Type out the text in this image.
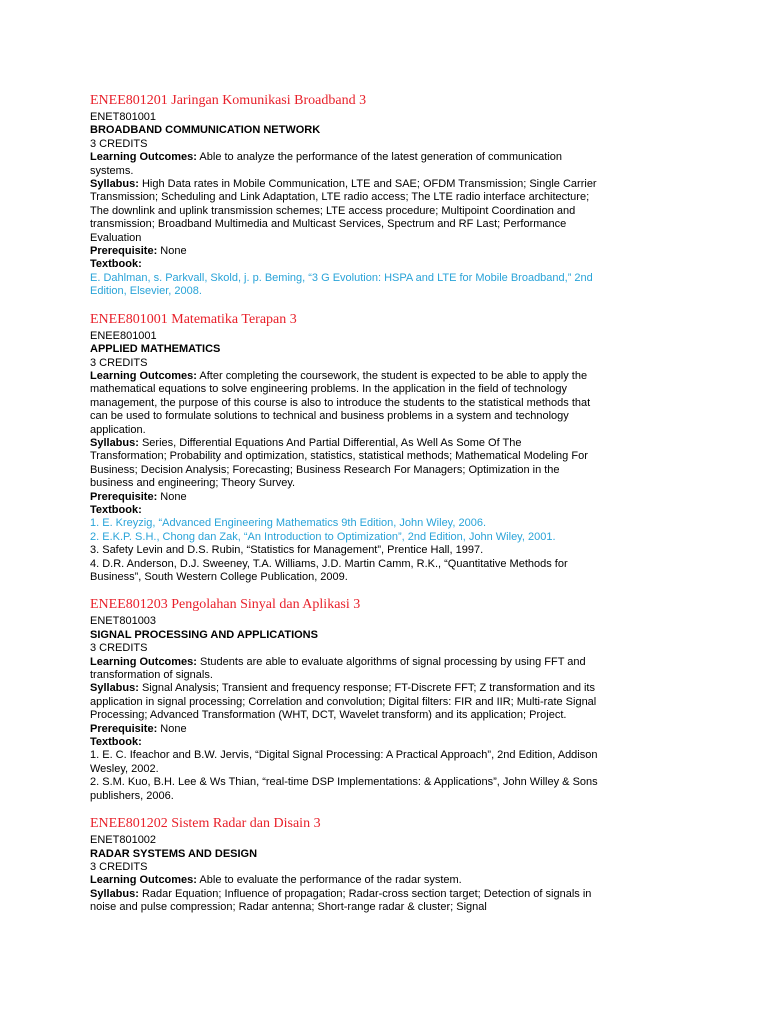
ENEE801201 Jaringan Komunikasi Broadband 3
ENET801001
BROADBAND COMMUNICATION NETWORK
3 CREDITS
Learning Outcomes: Able to analyze the performance of the latest generation of communication systems.
Syllabus: High Data rates in Mobile Communication, LTE and SAE; OFDM Transmission; Single Carrier Transmission; Scheduling and Link Adaptation, LTE radio access; The LTE radio interface architecture; The downlink and uplink transmission schemes; LTE access procedure; Multipoint Coordination and transmission; Broadband Multimedia and Multicast Services, Spectrum and RF Last; Performance Evaluation
Prerequisite: None
Textbook:
E. Dahlman, s. Parkvall, Skold, j. p. Beming, “3 G Evolution: HSPA and LTE for Mobile Broadband,” 2nd Edition, Elsevier, 2008.
ENEE801001 Matematika Terapan 3
ENEE801001
APPLIED MATHEMATICS
3 CREDITS
Learning Outcomes: After completing the coursework, the student is expected to be able to apply the mathematical equations to solve engineering problems. In the application in the field of technology management, the purpose of this course is also to introduce the students to the statistical methods that can be used to formulate solutions to technical and business problems in a system and technology application.
Syllabus: Series, Differential Equations And Partial Differential, As Well As Some Of The Transformation; Probability and optimization, statistics, statistical methods; Mathematical Modeling For Business; Decision Analysis; Forecasting; Business Research For Managers; Optimization in the business and engineering; Theory Survey.
Prerequisite: None
Textbook:
1. E. Kreyzig, “Advanced Engineering Mathematics 9th Edition, John Wiley, 2006.
2. E.K.P. S.H., Chong dan Zak, “An Introduction to Optimization”, 2nd Edition, John Wiley, 2001.
3. Safety Levin and D.S. Rubin, “Statistics for Management”, Prentice Hall, 1997.
4. D.R. Anderson, D.J. Sweeney, T.A. Williams, J.D. Martin Camm, R.K., “Quantitative Methods for Business”, South Western College Publication, 2009.
ENEE801203 Pengolahan Sinyal dan Aplikasi 3
ENET801003
SIGNAL PROCESSING AND APPLICATIONS
3 CREDITS
Learning Outcomes: Students are able to evaluate algorithms of signal processing by using FFT and transformation of signals.
Syllabus: Signal Analysis; Transient and frequency response; FT-Discrete FFT; Z transformation and its application in signal processing; Correlation and convolution; Digital filters: FIR and IIR; Multi-rate Signal Processing; Advanced Transformation (WHT, DCT, Wavelet transform) and its application; Project.
Prerequisite: None
Textbook:
1. E. C. Ifeachor and B.W. Jervis, “Digital Signal Processing: A Practical Approach”, 2nd Edition, Addison Wesley, 2002.
2. S.M. Kuo, B.H. Lee & Ws Thian, “real-time DSP Implementations: & Applications”, John Willey & Sons publishers, 2006.
ENEE801202 Sistem Radar dan Disain 3
ENET801002
RADAR SYSTEMS AND DESIGN
3 CREDITS
Learning Outcomes: Able to evaluate the performance of the radar system.
Syllabus: Radar Equation; Influence of propagation; Radar-cross section target; Detection of signals in noise and pulse compression; Radar antenna; Short-range radar & cluster; Signal
